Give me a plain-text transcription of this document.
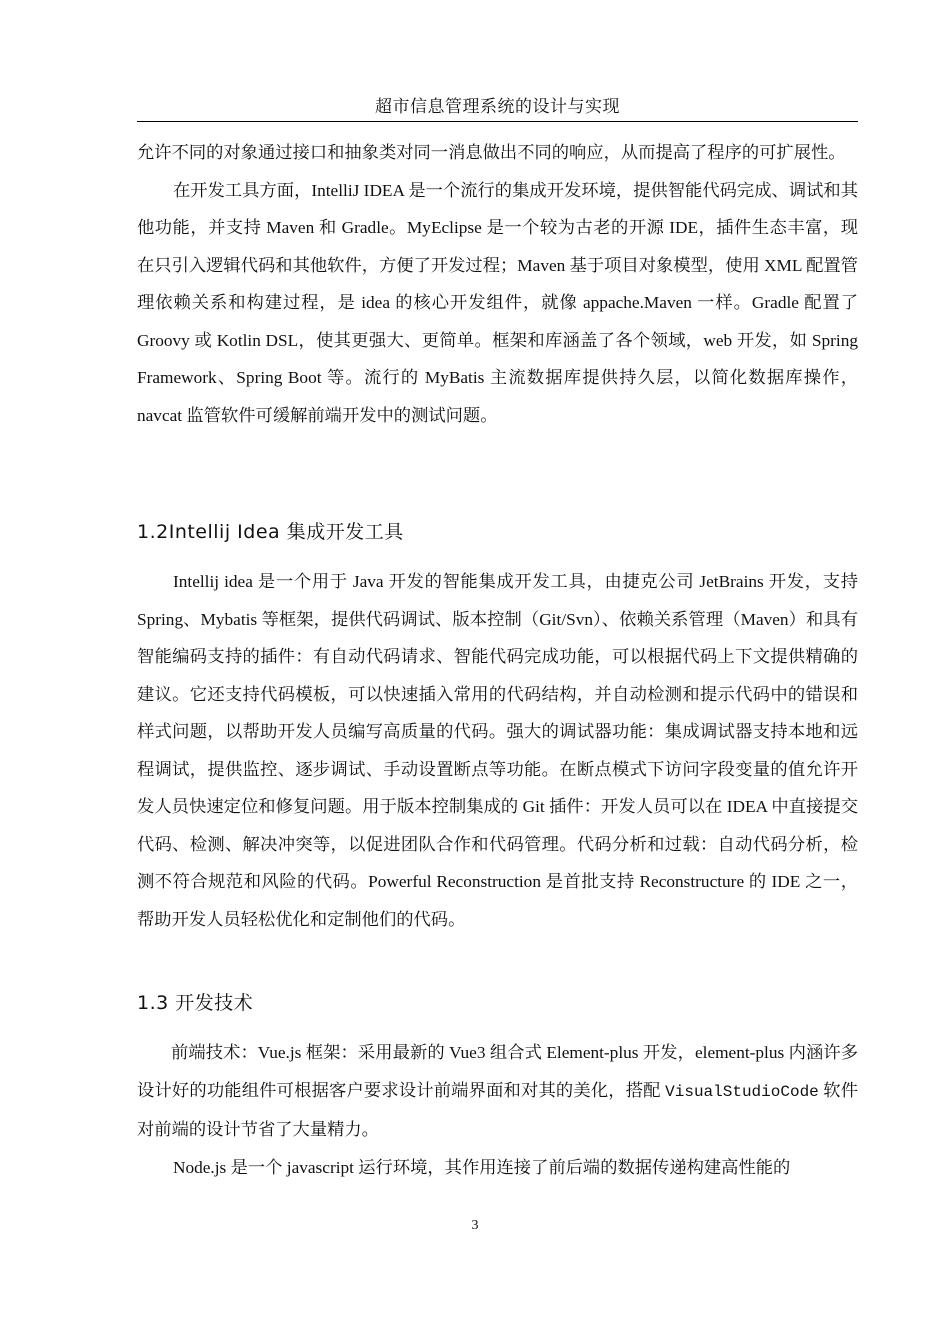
超市信息管理系统的设计与实现

允许不同的对象通过接口和抽象类对同一消息做出不同的响应，从而提高了程序的可扩展性。

在开发工具方面，IntelliJ IDEA 是一个流行的集成开发环境，提供智能代码完成、调试和其他功能，并支持 Maven 和 Gradle。MyEclipse 是一个较为古老的开源 IDE，插件生态丰富，现在只引入逻辑代码和其他软件，方便了开发过程；Maven 基于项目对象模型，使用 XML 配置管理依赖关系和构建过程，是 idea 的核心开发组件，就像 appache.Maven 一样。Gradle 配置了 Groovy 或 Kotlin DSL，使其更强大、更简单。框架和库涵盖了各个领域，web 开发，如 Spring Framework、Spring Boot 等。流行的 MyBatis 主流数据库提供持久层，以简化数据库操作，navcat 监管软件可缓解前端开发中的测试问题。

1.2Intellij Idea 集成开发工具

Intellij idea 是一个用于 Java 开发的智能集成开发工具，由捷克公司 JetBrains 开发，支持 Spring、Mybatis 等框架，提供代码调试、版本控制（Git/Svn）、依赖关系管理（Maven）和具有智能编码支持的插件：有自动代码请求、智能代码完成功能，可以根据代码上下文提供精确的建议。它还支持代码模板，可以快速插入常用的代码结构，并自动检测和提示代码中的错误和样式问题，以帮助开发人员编写高质量的代码。强大的调试器功能：集成调试器支持本地和远程调试，提供监控、逐步调试、手动设置断点等功能。在断点模式下访问字段变量的值允许开发人员快速定位和修复问题。用于版本控制集成的 Git 插件：开发人员可以在 IDEA 中直接提交代码、检测、解决冲突等，以促进团队合作和代码管理。代码分析和过载：自动代码分析，检测不符合规范和风险的代码。Powerful Reconstruction 是首批支持 Reconstructure 的 IDE 之一，帮助开发人员轻松优化和定制他们的代码。

1.3 开发技术

前端技术：Vue.js 框架：采用最新的 Vue3 组合式 Element-plus 开发，element-plus 内涵许多设计好的功能组件可根据客户要求设计前端界面和对其的美化，搭配 VisualStudioCode 软件对前端的设计节省了大量精力。

Node.js 是一个 javascript 运行环境，其作用连接了前后端的数据传递构建高性能的

3
